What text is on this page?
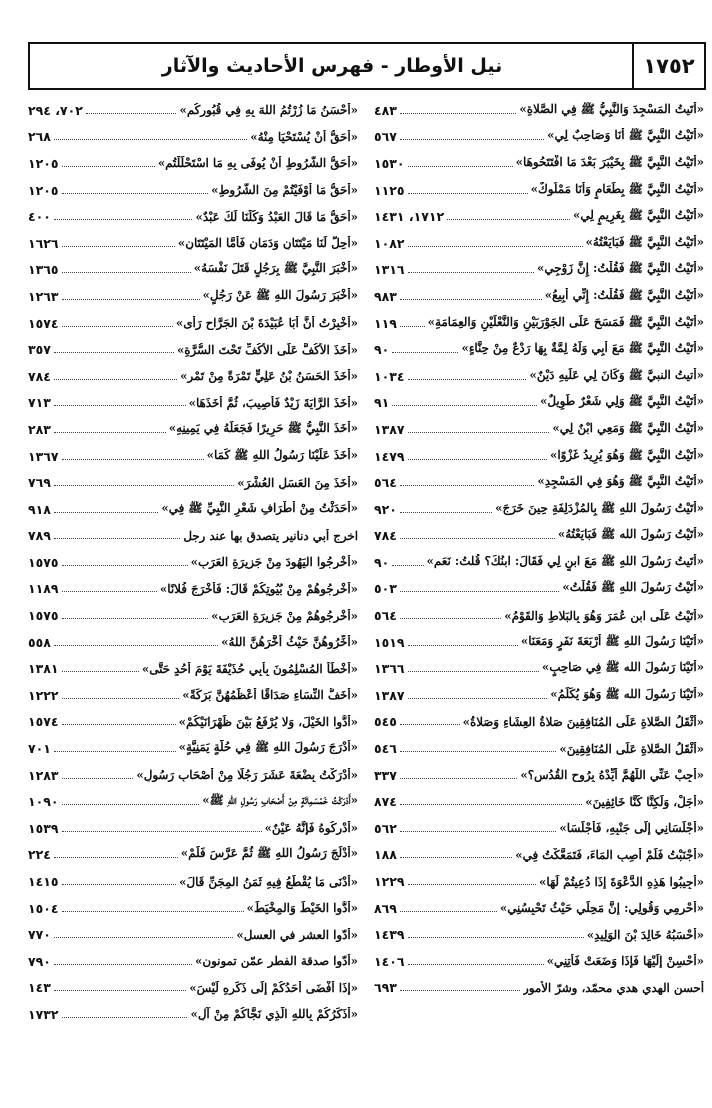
١٧٥٢
نيل الأوطار - فهرس الأحاديث والآثار
«أَتَيتُ المَسْجِدَ وَالنَّبِيُّ ﷺ فِي الصَّلاةِ»
٤٨٣
«أَتَيْتُ النَّبِيَّ ﷺ أَنَا وَصَاحِبٌ لِي»
٥٦٧
«أَتَيْتُ النَّبِيَّ ﷺ بِخَيْبَرَ بَعْدَ مَا افْتَتَحُوهَا»
١٥٣٠
«أَتَيْتُ النَّبِيَّ ﷺ بِطَعَامٍ وَأَنَا مَمْلُوكٌ»
١١٢٥
«أَتَيْتُ النَّبِيَّ ﷺ بِغَرِيمٍ لِي»
١٧١٢، ١٤٣١
«أَتَيْتُ النَّبِيَّ ﷺ فَبَايَعْتُهُ»
١٠٨٢
«أَتَيْتُ النَّبِيَّ ﷺ فَقُلْتُ: إِنَّ زَوْجِي»
١٣١٦
«أَتَيْتُ النَّبِيَّ ﷺ فَقُلْتُ: إِنِّي أَبِيعُ»
٩٨٣
«أَتَيْتُ النَّبِيَّ ﷺ فَمَسَحَ عَلَى الجَوْرَبَيْنِ وَالنَّعْلَيْنِ وَالعِمَامَةِ»
١١٩
«أَتَيْتُ النَّبِيَّ ﷺ مَعَ أَبِي وَلَهُ لِمَّةٌ بِهَا رَدْعٌ مِنْ حِنَّاءٍ»
٩٠
«أَتيتُ النبيَّ ﷺ وَكَانَ لِي عَلَيهِ دَيْنٌ»
١٠٣٤
«أَتَيْتُ النَّبِيَّ ﷺ وَلِي شَعْرٌ طَوِيلٌ»
٩١
«أَتَيْتُ النَّبِيَّ ﷺ وَمَعِي ابْنٌ لِي»
١٣٨٧
«أَتَيْتُ النَّبِيَّ ﷺ وَهُوَ يُرِيدُ غَزْوًا»
١٤٧٩
«أَتَيْتُ النَّبِيَّ ﷺ وَهُوَ فِي المَسْجِدِ»
٥٦٤
«أَتَيْتُ رَسُولَ اللهِ ﷺ بِالمُزْدَلِفَةِ حِينَ خَرَجَ»
٩٢٠
«أَتَيْتُ رَسُولَ الله ﷺ فَبَايَعْتُهُ»
٧٨٤
«أَتَيتُ رَسُولَ اللهِ ﷺ مَعَ ابنٍ لِي فَقَالَ: ابنُكَ؟ قُلتُ: نَعَم»
٩٠
«أَتَيْتُ رَسُولَ اللهِ ﷺ فَقُلْتُ»
٥٠٣
«أَتَيْتُ عَلَى ابنِ عُمَرَ وَهُوَ بِالبَلاطِ وَالقَوْمُ»
٥٦٤
«أَتَيْنَا رَسُولَ اللهِ ﷺ أَرْبَعَةَ نَفَرٍ وَمَعَنَا»
١٥١٩
«أَتَيْنَا رَسُولَ الله ﷺ فِي صَاحِبٍ»
١٣٦٦
«أَتَيْنَا رَسُولَ الله ﷺ وَهُوَ يُكَلِّمُ»
١٣٨٧
«أَثْقَلُ الصَّلاةِ عَلَى المُنَافِقِينَ صَلاةُ العِشَاءِ وَصَلاةُ»
٥٤٥
«أَثْقَلُ الصَّلاةِ عَلَى المُنَافِقِينَ»
٥٤٦
«أَجِبْ عَنِّي اللَّهُمَّ أَيِّدْهُ بِرُوحِ القُدُسِ؟»
٣٣٧
«أَجَلْ، وَلَكِنَّا كُنَّا خَائِفِينَ»
٨٧٤
«أَجْلَسَانِي إِلَى جَنْبِهِ، فَأَجْلَسَا»
٥٦٢
«أَجْنَبْتُ فَلَمْ أُصِبِ المَاءَ، فَتَمَعَّكْتُ فِي»
١٨٨
«أَجِيبُوا هَذِهِ الدَّعْوَةَ إِذَا دُعِيتُمْ لَهَا»
١٢٢٩
«أَحْرِمِي وَقُولِي: إِنَّ مَحِلِّي حَيْثُ تَحْبِسُنِي»
٨٦٩
«أَحْسَبُهُ خَالِدَ بْنَ الوَلِيدِ»
١٤٣٩
«أَحْسِنْ إِلَيْهَا فَإِذَا وَضَعَتْ فَأْتِنِي»
١٤٠٦
أحسن الهدي هدي محمّد، وشرّ الأمور
٦٩٣
«أَحْسَنُ مَا زُرْتُمُ اللهَ بِهِ فِي قُبُورِكُم»
٧٠٢، ٢٩٤
«أَحَقُّ أَنْ يُسْتَحْيَا مِنْهُ»
٢٦٨
«أَحَقُّ الشُّرُوطِ أَنْ يُوفَى بِهِ مَا اسْتَحْلَلْتُم»
١٢٠٥
«أَحَقُّ مَا أَوْفَيْتُمْ مِنَ الشُّرُوطِ»
١٢٠٥
«أَحَقُّ مَا قَالَ العَبْدُ وَكُلُّنَا لَكَ عَبْدٌ»
٤٠٠
«أُحِلَّ لَنَا مَيْتَتَانِ وَدَمَانِ فَأَمَّا المَيْتَتَانِ»
١٦٢٦
«أَخْبَرَ النَّبِيَّ ﷺ بِرَجُلٍ قَتَلَ نَفْسَهُ»
١٣٦٥
«أَخْبَرَ رَسُولَ اللهِ ﷺ عَنْ رَجُلٍ»
١٢٦٣
«أُخْبِرْتُ أَنَّ أَبَا عُبَيْدَةَ بْنَ الجَرَّاحِ رَأَى»
١٥٧٤
«أَخَذَ الأَكُفَّ عَلَى الأَكُفِّ تَحْتَ السُّرَّةِ»
٣٥٧
«أَخَذَ الحَسَنُ بْنُ عَلِيٍّ تَمْرَةً مِنْ تَمْرِ»
٧٨٤
«أَخَذَ الرَّايَةَ زَيْدٌ فَأُصِيبَ، ثُمَّ أَخَذَهَا»
٧١٣
«أَخَذَ النَّبِيُّ ﷺ حَرِيرًا فَجَعَلَهُ فِي يَمِينِهِ»
٢٨٣
«أَخَذَ عَلَيْنَا رَسُولُ اللهِ ﷺ كَمَا»
١٣٦٧
«أَخَذَ مِنَ العَسَلِ العُشْرَ»
٧٦٩
«أَحَدَثْتُ مِنْ أَطْرَافِ شَعْرِ النَّبِيِّ ﷺ فِي»
٩١٨
اخرج أبي دنانير يتصدق بها عند رجل
٧٨٩
«أَخْرِجُوا اليَهُودَ مِنْ جَزِيرَةِ العَرَبِ»
١٥٧٥
«أَخْرِجُوهُمْ مِنْ بُيُوتِكُمْ قَالَ: فَأَخْرَجَ فُلانًا»
١١٨٩
«أَخْرِجُوهُمْ مِنْ جَزِيرَةِ العَرَبِ»
١٥٧٥
«أَخِّرُوهُنَّ حَيْثُ أَخَّرَهُنَّ اللهُ»
٥٥٨
«أَخْطَأَ المُسْلِمُونَ بِأَبِي حُذَيْفَةَ يَوْمَ أُحُدٍ حَتَّى»
١٣٨١
«أَخَفُّ النِّسَاءِ صَدَاقًا أَعْظَمُهُنَّ بَرَكَةً»
١٢٢٢
«أَدُّوا الخَيْلَ، وَلا يُرْفَعُ بَيْنَ ظَهْرَانَيْكُمْ»
١٥٧٤
«أَدْرَجَ رَسُولَ اللهِ ﷺ فِي حُلَّةٍ يَمَنِيَّةٍ»
٧٠١
«أَدْرَكْتُ بِضْعَةَ عَشَرَ رَجُلًا مِنْ أَصْحَابِ رَسُولِ»
١٢٨٣
«أَدْرَكْتُ خَمْسَمِائَةٍ مِنْ أَصْحَابِ رَسُولِ اللهِ ﷺ»
١٠٩٠
«أَدْرِكُوهُ فَإِنَّهُ عَيْنٌ»
١٥٣٩
«أَدْلَجَ رَسُولُ اللهِ ﷺ ثُمَّ عَرَّسَ فَلَمْ»
٢٢٤
«أَدْنَى مَا يُقْطَعُ فِيهِ ثَمَنُ المِجَنِّ قَالَ»
١٤١٥
«أَدُّوا الخَيْطَ وَالمِخْيَطَ»
١٥٠٤
«أدّوا العشر في العسل»
٧٧٠
«أدّوا صدقة الفطر عمّن تمونون»
٧٩٠
«إِذَا أَفْضَى أَحَدُكُمْ إِلَى ذَكَرِهِ لَيْسَ»
١٤٣
«أُذَكِّرُكُمْ بِاللهِ الَّذِي نَجَّاكُمْ مِنْ آلِ»
١٧٣٢
